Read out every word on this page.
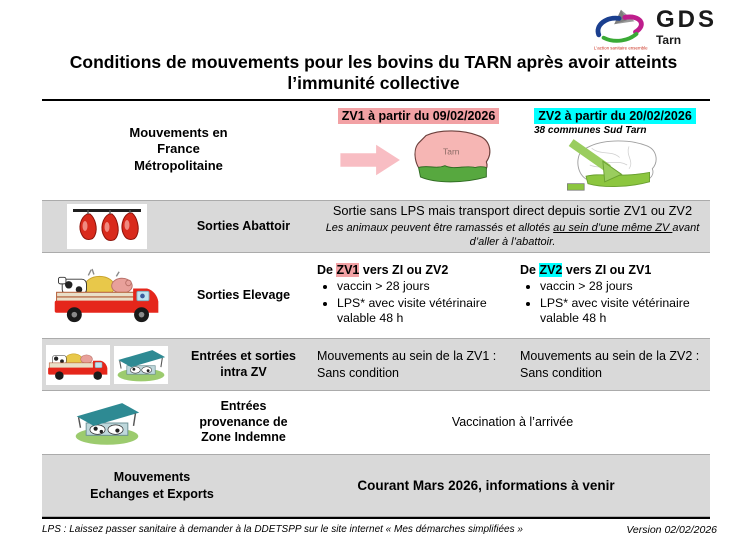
L'action sanitaire ensemble
GDS
Tarn
Conditions de mouvements pour les bovins du TARN après avoir atteints
l’immunité collective
Mouvements en
France
Métropolitaine
ZV1 à partir du 09/02/2026
Tarn
ZV2 à partir du 20/02/2026
38 communes Sud Tarn
Sorties Abattoir
Sortie sans LPS mais transport direct depuis sortie ZV1 ou ZV2
Les animaux peuvent être ramassés et allotés au sein d’une même ZV avant d’aller à l’abattoir.
Sorties Elevage
De ZV1 vers ZI ou ZV2
• vaccin > 28 jours
• LPS* avec visite vétérinaire valable 48 h
De ZV2 vers ZI ou ZV1
• vaccin > 28 jours
• LPS* avec visite vétérinaire valable 48 h
Entrées et sorties
intra ZV
Mouvements au sein de la ZV1 :
Sans condition
Mouvements au sein de la ZV2 :
Sans condition
Entrées
provenance de
Zone Indemne
Vaccination à l’arrivée
Mouvements
Echanges et Exports
Courant Mars 2026, informations à venir
LPS : Laissez passer sanitaire à demander à la DDETSPP sur le site internet « Mes démarches simplifiées »	Version 02/02/2026
